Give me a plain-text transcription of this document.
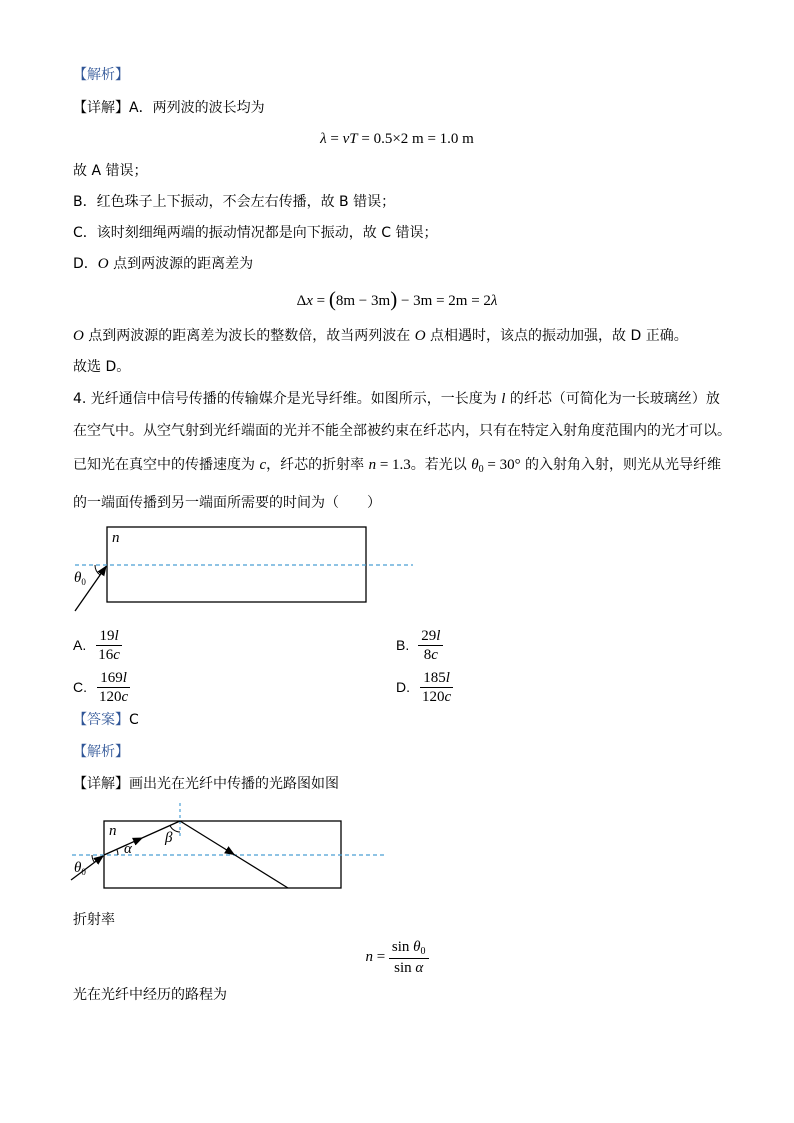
【解析】
【详解】A．两列波的波长均为
λ = vT = 0.5×2 m = 1.0 m
故 A 错误；
B．红色珠子上下振动，不会左右传播，故 B 错误；
C．该时刻细绳两端的振动情况都是向下振动，故 C 错误；
D．O 点到两波源的距离差为
Δx = (8m − 3m) − 3m = 2m = 2λ
O 点到两波源的距离差为波长的整数倍，故当两列波在 O 点相遇时，该点的振动加强，故 D 正确。
故选 D。
4. 光纤通信中信号传播的传输媒介是光导纤维。如图所示，一长度为 l 的纤芯（可简化为一长玻璃丝）放
在空气中。从空气射到光纤端面的光并不能全部被约束在纤芯内，只有在特定入射角度范围内的光才可以。
已知光在真空中的传播速度为 c，纤芯的折射率 n = 1.3。若光以 $\theta_0 = 30^\circ$ 的入射角入射，则光从光导纤维
的一端面传播到另一端面所需要的时间为（　　）
n
$\theta_0$
A. $\frac{19l}{16c}$	B. $\frac{29l}{8c}$
C. $\frac{169l}{120c}$	D. $\frac{185l}{120c}$
【答案】C
【解析】
【详解】画出光在光纤中传播的光路图如图
n
α
β
$\theta_0$
折射率
$n = \frac{\sin \theta_0}{\text{sin α}}$
光在光纤中经历的路程为
